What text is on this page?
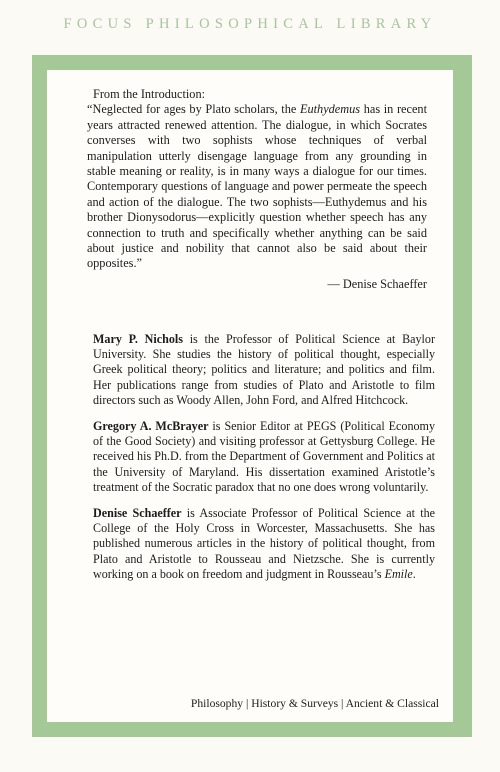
FOCUS PHILOSOPHICAL LIBRARY
From the Introduction:
“Neglected for ages by Plato scholars, the Euthydemus has in recent years attracted renewed attention. The dialogue, in which Socrates converses with two sophists whose techniques of verbal manipulation utterly disengage language from any grounding in stable meaning or reality, is in many ways a dialogue for our times. Contemporary questions of language and power permeate the speech and action of the dialogue. The two sophists—Euthydemus and his brother Dionysodorus—explicitly question whether speech has any connection to truth and specifically whether anything can be said about justice and nobility that cannot also be said about their opposites.”
— Denise Schaeffer

Mary P. Nichols is the Professor of Political Science at Baylor University. She studies the history of political thought, especially Greek political theory; politics and literature; and politics and film. Her publications range from studies of Plato and Aristotle to film directors such as Woody Allen, John Ford, and Alfred Hitchcock.

Gregory A. McBrayer is Senior Editor at PEGS (Political Economy of the Good Society) and visiting professor at Gettysburg College. He received his Ph.D. from the Department of Government and Politics at the University of Maryland. His dissertation examined Aristotle’s treatment of the Socratic paradox that no one does wrong voluntarily.

Denise Schaeffer is Associate Professor of Political Science at the College of the Holy Cross in Worcester, Massachusetts. She has published numerous articles in the history of political thought, from Plato and Aristotle to Rousseau and Nietzsche. She is currently working on a book on freedom and judgment in Rousseau’s Emile.

Philosophy | History & Surveys | Ancient & Classical
